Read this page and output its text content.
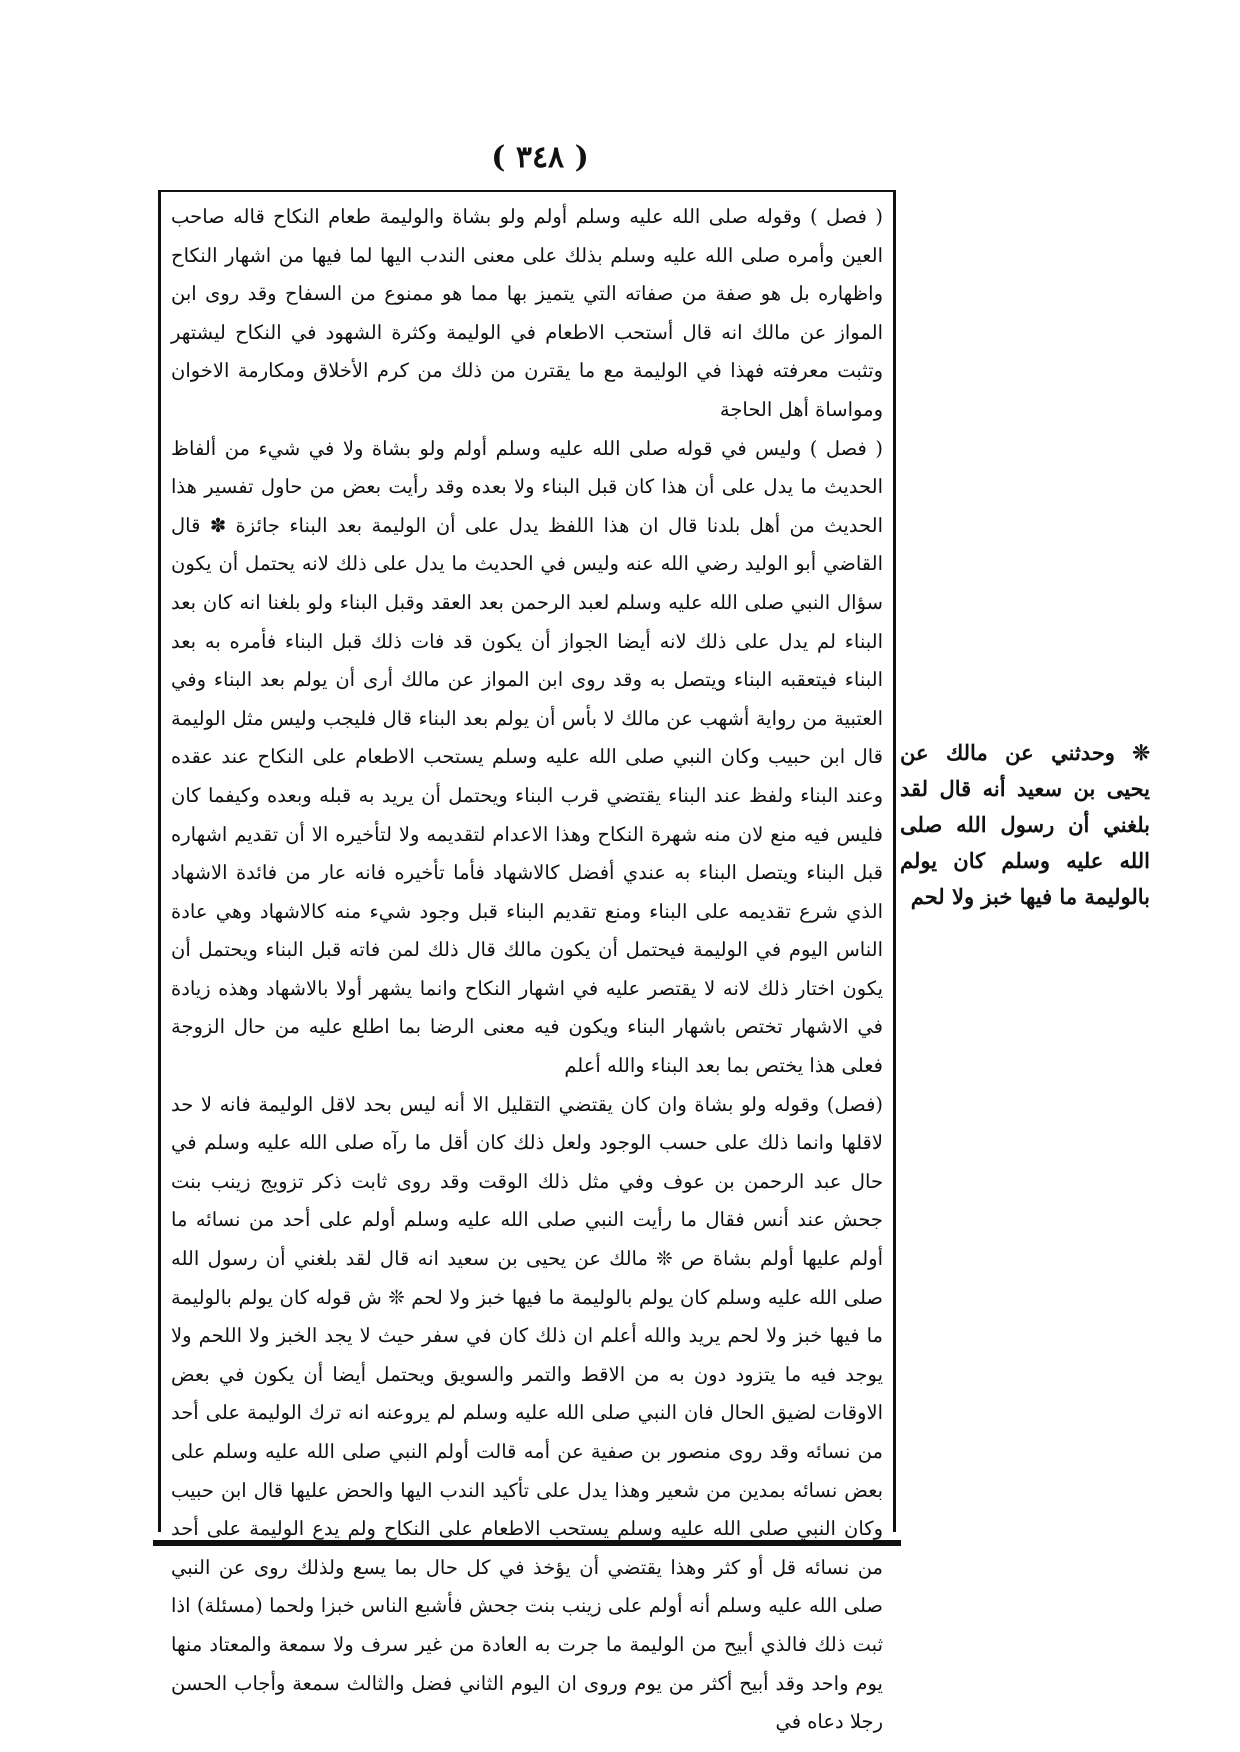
( ٣٤٨ )

( فصل ) وقوله صلى الله عليه وسلم أولم ولو بشاة والوليمة طعام النكاح قاله صاحب العين وأمره صلى الله عليه وسلم بذلك على معنى الندب اليها لما فيها من اشهار النكاح واظهاره بل هو صفة من صفاته التي يتميز بها مما هو ممنوع من السفاح وقد روى ابن المواز عن مالك انه قال أستحب الاطعام في الوليمة وكثرة الشهود في النكاح ليشتهر وتثبت معرفته فهذا في الوليمة مع ما يقترن من ذلك من كرم الأخلاق ومكارمة الاخوان ومواساة أهل الحاجة

( فصل ) وليس في قوله صلى الله عليه وسلم أولم ولو بشاة ولا في شيء من ألفاظ الحديث ما يدل على أن هذا كان قبل البناء ولا بعده وقد رأيت بعض من حاول تفسير هذا الحديث من أهل بلدنا قال ان هذا اللفظ يدل على أن الوليمة بعد البناء جائزة ✽ قال القاضي أبو الوليد رضي الله عنه وليس في الحديث ما يدل على ذلك لانه يحتمل أن يكون سؤال النبي صلى الله عليه وسلم لعبد الرحمن بعد العقد وقبل البناء ولو بلغنا انه كان بعد البناء لم يدل على ذلك لانه أيضا الجواز أن يكون قد فات ذلك قبل البناء فأمره به بعد البناء فيتعقبه البناء ويتصل به وقد روى ابن المواز عن مالك أرى أن يولم بعد البناء وفي العتبية من رواية أشهب عن مالك لا بأس أن يولم بعد البناء قال فليجب وليس مثل الوليمة قال ابن حبيب وكان النبي صلى الله عليه وسلم يستحب الاطعام على النكاح عند عقده وعند البناء ولفظ عند البناء يقتضي قرب البناء ويحتمل أن يريد به قبله وبعده وكيفما كان فليس فيه منع لان منه شهرة النكاح وهذا الاعدام لتقديمه ولا لتأخيره الا أن تقديم اشهاره قبل البناء ويتصل البناء به عندي أفضل كالاشهاد فأما تأخيره فانه عار من فائدة الاشهاد الذي شرع تقديمه على البناء ومنع تقديم البناء قبل وجود شيء منه كالاشهاد وهي عادة الناس اليوم في الوليمة فيحتمل أن يكون مالك قال ذلك لمن فاته قبل البناء ويحتمل أن يكون اختار ذلك لانه لا يقتصر عليه في اشهار النكاح وانما يشهر أولا بالاشهاد وهذه زيادة في الاشهار تختص باشهار البناء ويكون فيه معنى الرضا بما اطلع عليه من حال الزوجة فعلى هذا يختص بما بعد البناء والله أعلم

(فصل) وقوله ولو بشاة وان كان يقتضي التقليل الا أنه ليس بحد لاقل الوليمة فانه لا حد لاقلها وانما ذلك على حسب الوجود ولعل ذلك كان أقل ما رآه صلى الله عليه وسلم في حال عبد الرحمن بن عوف وفي مثل ذلك الوقت وقد روى ثابت ذكر تزويج زينب بنت جحش عند أنس فقال ما رأيت النبي صلى الله عليه وسلم أولم على أحد من نسائه ما أولم عليها أولم بشاة ص ❊ مالك عن يحيى بن سعيد انه قال لقد بلغني أن رسول الله صلى الله عليه وسلم كان يولم بالوليمة ما فيها خبز ولا لحم ❊ ش قوله كان يولم بالوليمة ما فيها خبز ولا لحم يريد والله أعلم ان ذلك كان في سفر حيث لا يجد الخبز ولا اللحم ولا يوجد فيه ما يتزود دون به من الاقط والتمر والسويق ويحتمل أيضا أن يكون في بعض الاوقات لضيق الحال فان النبي صلى الله عليه وسلم لم يروعنه انه ترك الوليمة على أحد من نسائه وقد روى منصور بن صفية عن أمه قالت أولم النبي صلى الله عليه وسلم على بعض نسائه بمدين من شعير وهذا يدل على تأكيد الندب اليها والحض عليها قال ابن حبيب وكان النبي صلى الله عليه وسلم يستحب الاطعام على النكاح ولم يدع الوليمة على أحد من نسائه قل أو كثر وهذا يقتضي أن يؤخذ في كل حال بما يسع ولذلك روى عن النبي صلى الله عليه وسلم أنه أولم على زينب بنت جحش فأشبع الناس خبزا ولحما (مسئلة) اذا ثبت ذلك فالذي أبيح من الوليمة ما جرت به العادة من غير سرف ولا سمعة والمعتاد منها يوم واحد وقد أبيح أكثر من يوم وروى ان اليوم الثاني فضل والثالث سمعة وأجاب الحسن رجلا دعاه في

❊ وحدثني عن مالك عن يحيى بن سعيد أنه قال لقد بلغني أن رسول الله صلى الله عليه وسلم كان يولم بالوليمة ما فيها خبز ولا لحم
